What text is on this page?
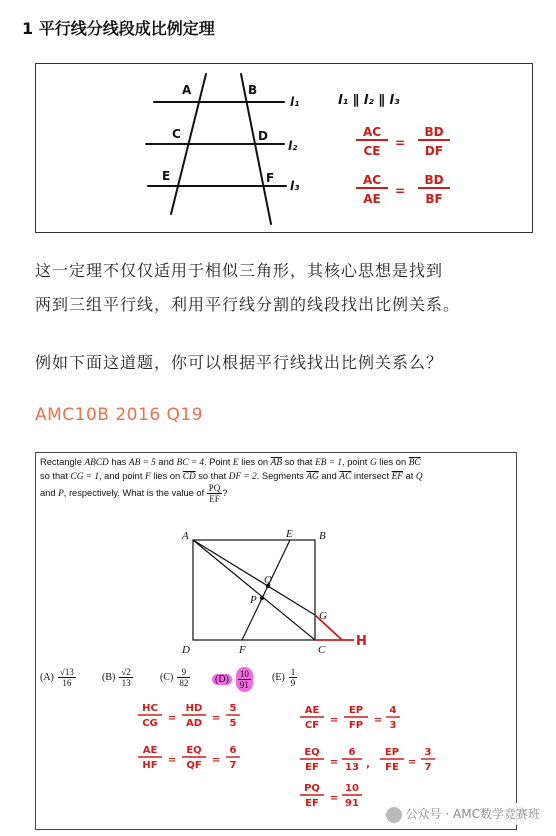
1 平行线分线段成比例定理
A	B
C	D
E	F
l₁
l₂
l₃
l₁ ∥ l₂ ∥ l₃
AC
CE
=
BD
DF
AC
AE
=
BD
BF
这一定理不仅仅适用于相似三角形，其核心思想是找到
两到三组平行线，利用平行线分割的线段找出比例关系。
例如下面这道题，你可以根据平行线找出比例关系么？
AMC10B 2016 Q19
Rectangle ABCD has AB = 5 and BC = 4. Point E lies on $\overline{AB}$ so that EB = 1, point G lies on $\overline{BC}$
so that CG = 1, and point F lies on $\overline{CD}$ so that DF = 2. Segments $\overline{AG}$ and $\overline{AC}$ intersect $\overline{EF}$ at Q
and P, respectively. What is the value of $\frac{PQ}{EF}$ ?
A	E B
Q
P
G
D	F	C
H
HC
CG =
HD
AD =
5
5
AE
HF =
EQ
QF =
6
7
AE
CF =
EP
FP =
4
3
EQ
EF =
6
13 ,
EP
FE =
3
7
PQ
EF =
10
91
$(A) \frac{√13}{16}$	$(B) \frac{√2}{13}$	$(C) \frac{9}{82}$	$(D) \frac{10}{91} (E) \frac{1}{9}$
公众号 · AMC数学竞赛班
